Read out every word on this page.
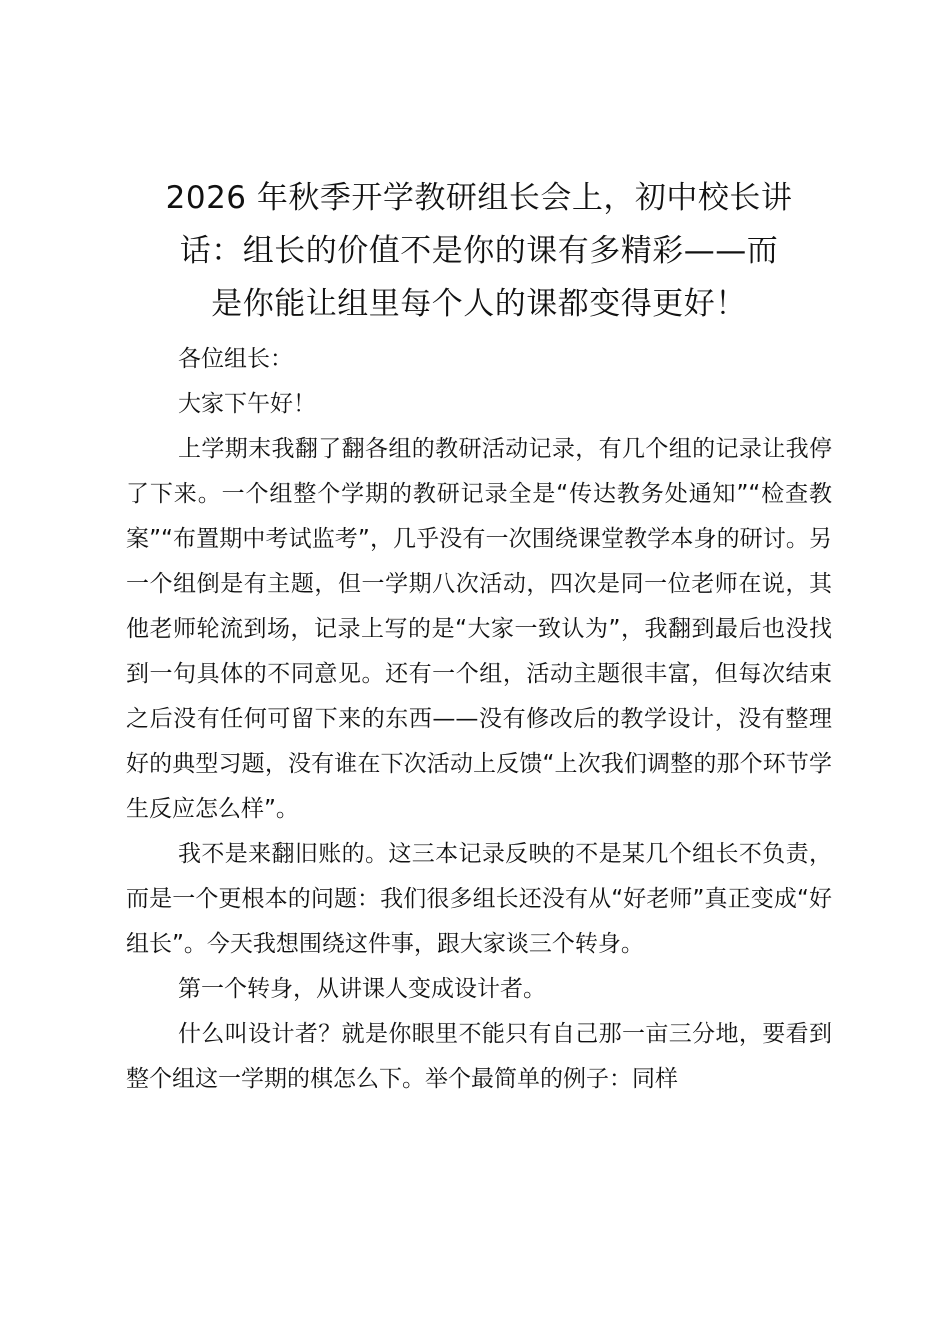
2026 年秋季开学教研组长会上，初中校长讲
话：组长的价值不是你的课有多精彩——而
是你能让组里每个人的课都变得更好！

各位组长：

大家下午好！

上学期末我翻了翻各组的教研活动记录，有几个组的记录让我停了下来。一个组整个学期的教研记录全是“传达教务处通知”“检查教案”“布置期中考试监考”，几乎没有一次围绕课堂教学本身的研讨。另一个组倒是有主题，但一学期八次活动，四次是同一位老师在说，其他老师轮流到场，记录上写的是“大家一致认为”，我翻到最后也没找到一句具体的不同意见。还有一个组，活动主题很丰富，但每次结束之后没有任何可留下来的东西——没有修改后的教学设计，没有整理好的典型习题，没有谁在下次活动上反馈“上次我们调整的那个环节学生反应怎么样”。

我不是来翻旧账的。这三本记录反映的不是某几个组长不负责，而是一个更根本的问题：我们很多组长还没有从“好老师”真正变成“好组长”。今天我想围绕这件事，跟大家谈三个转身。

第一个转身，从讲课人变成设计者。

什么叫设计者？就是你眼里不能只有自己那一亩三分地，要看到整个组这一学期的棋怎么下。举个最简单的例子：同样
